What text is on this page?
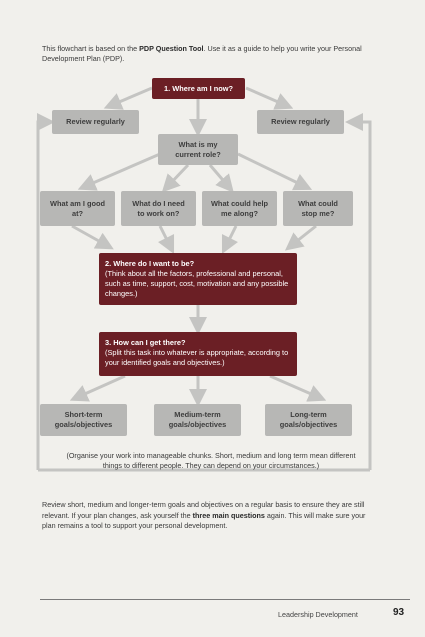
This flowchart is based on the PDP Question Tool. Use it as a guide to help you write your Personal Development Plan (PDP).
1. Where am I now?
Review regularly	Review regularly
What is my current role?
What am I good at?
What do I need to work on?
What could help me along?
What could stop me?
2. Where do I want to be?
(Think about all the factors, professional and personal, such as time, support, cost, motivation and any possible changes.)
3. How can I get there?
(Split this task into whatever is appropriate, according to your identified goals and objectives.)
Short-term goals/objectives
Medium-term goals/objectives
Long-term goals/objectives
(Organise your work into manageable chunks. Short, medium and long term mean different things to different people. They can depend on your circumstances.)
Review short, medium and longer-term goals and objectives on a regular basis to ensure they are still relevant. If your plan changes, ask yourself the three main questions again. This will make sure your plan remains a tool to support your personal development.
Leadership Development	93
